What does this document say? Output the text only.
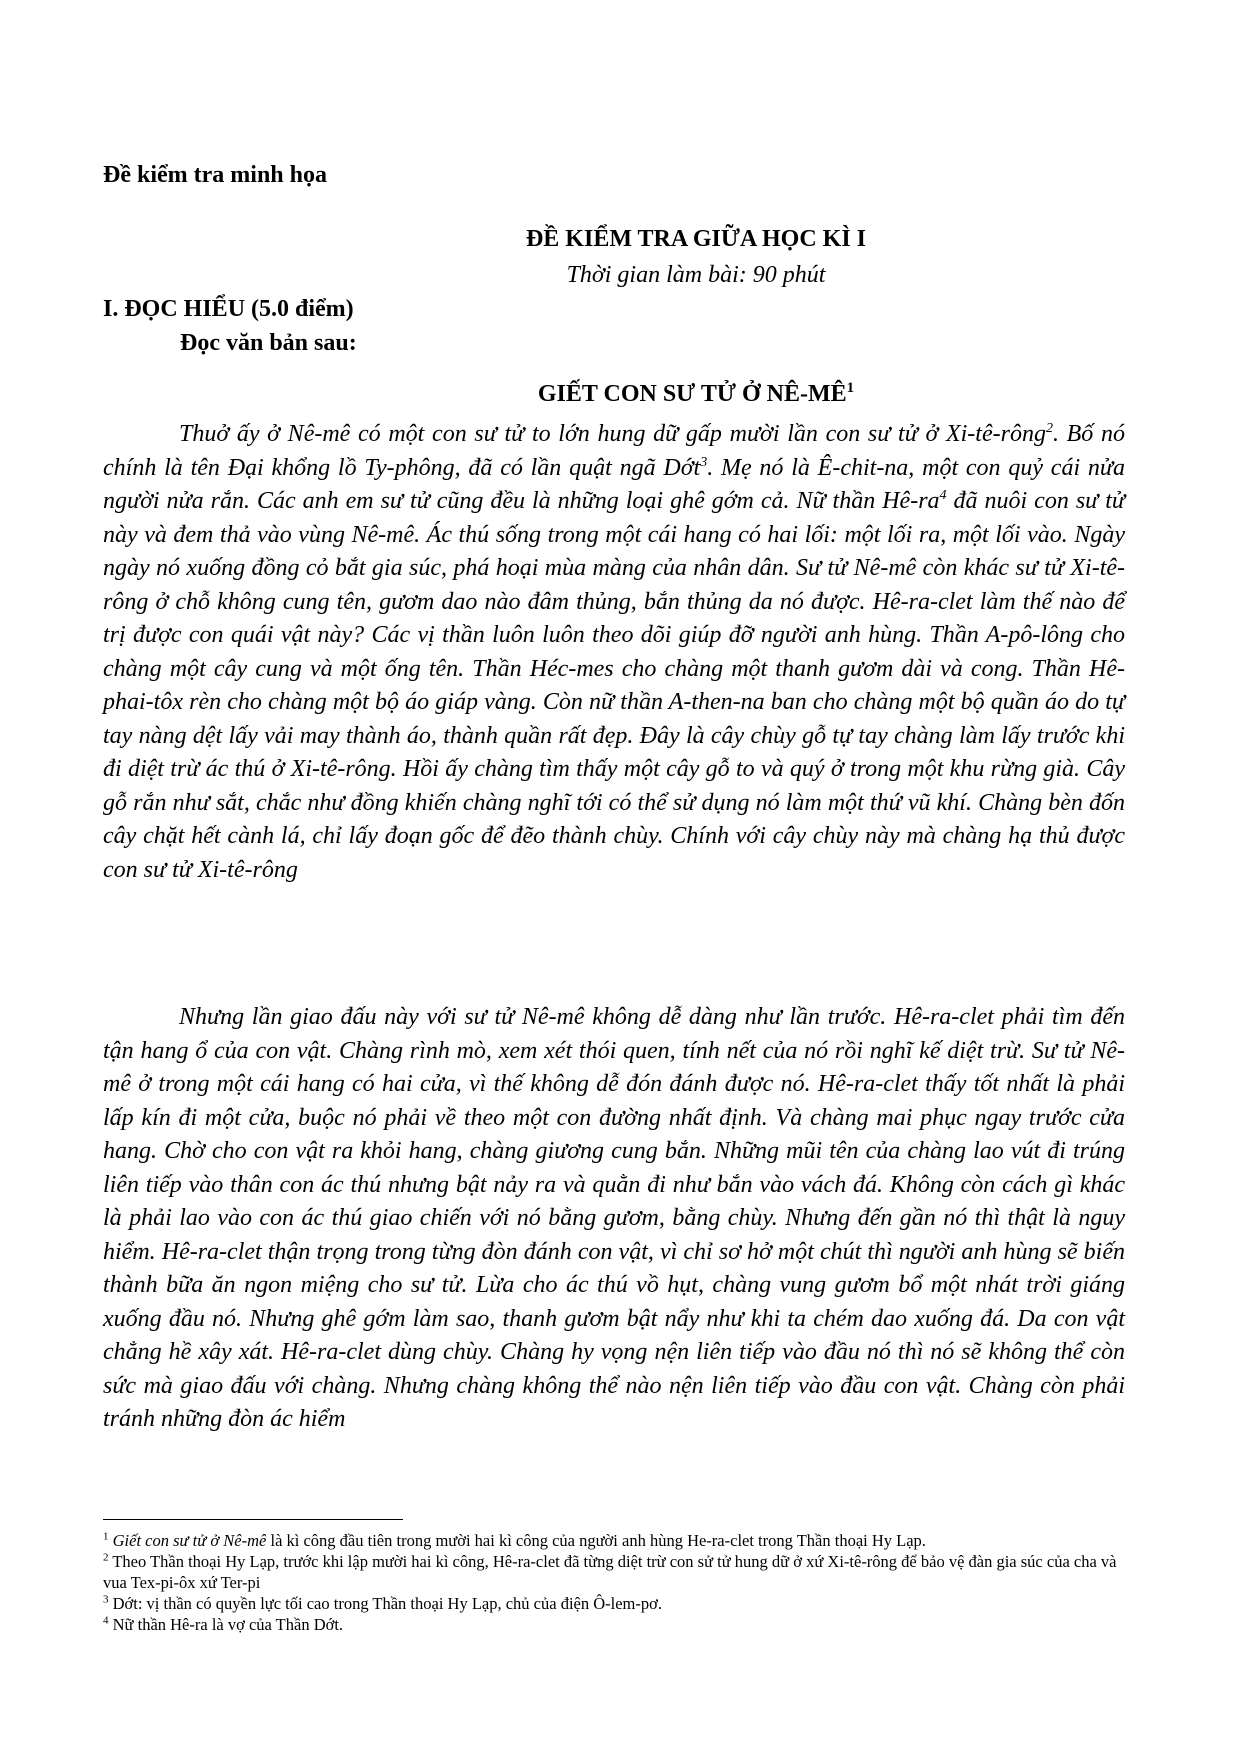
Đề kiểm tra minh họa
ĐỀ KIỂM TRA GIỮA HỌC KÌ I
Thời gian làm bài: 90 phút
I. ĐỌC HIỂU (5.0 điểm)
Đọc văn bản sau:
GIẾT CON SƯ TỬ Ở $NÊ-MÊ^1$

Thuở ấy ở Nê-mê có một con sư tử to lớn hung dữ gấp mười lần con sư tử ở Xi-tê-rông$^2$. Bố nó chính là tên Đại khổng lồ Ty-phông, đã có lần quật ngã Dớt$^3$. Mẹ nó là Ê-chit-na, một con quỷ cái nửa người nửa rắn. Các anh em sư tử cũng đều là những loại ghê gớm cả. Nữ thần $Hê-ra^4$ đã nuôi con sư tử này và đem thả vào vùng Nê-mê. Ác thú sống trong một cái hang có hai lối: một lối ra, một lối vào. Ngày ngày nó xuống đồng cỏ bắt gia súc, phá hoại mùa màng của nhân dân. Sư tử Nê-mê còn khác sư tử Xi-tê-rông ở chỗ không cung tên, gươm dao nào đâm thủng, bắn thủng da nó được. Hê-ra-clet làm thế nào để trị được con quái vật này? Các vị thần luôn luôn theo dõi giúp đỡ người anh hùng. Thần A-pô-lông cho chàng một cây cung và một ống tên. Thần Héc-mes cho chàng một thanh gươm dài và cong. Thần Hê-phai-tôx rèn cho chàng một bộ áo giáp vàng. Còn nữ thần A-then-na ban cho chàng một bộ quần áo do tự tay nàng dệt lấy vải may thành áo, thành quần rất đẹp. Đây là cây chùy gỗ tự tay chàng làm lấy trước khi đi diệt trừ ác thú ở Xi-tê-rông. Hồi ấy chàng tìm thấy một cây gỗ to và quý ở trong một khu rừng già. Cây gỗ rắn như sắt, chắc như đồng khiến chàng nghĩ tới có thể sử dụng nó làm một thứ vũ khí. Chàng bèn đốn cây chặt hết cành lá, chỉ lấy đoạn gốc để đẽo thành chùy. Chính với cây chùy này mà chàng hạ thủ được con sư tử Xi-tê-rông

Nhưng lần giao đấu này với sư tử Nê-mê không dễ dàng như lần trước. Hê-ra-clet phải tìm đến tận hang ổ của con vật. Chàng rình mò, xem xét thói quen, tính nết của nó rồi nghĩ kế diệt trừ. Sư tử Nê-mê ở trong một cái hang có hai cửa, vì thế không dễ đón đánh được nó. Hê-ra-clet thấy tốt nhất là phải lấp kín đi một cửa, buộc nó phải về theo một con đường nhất định. Và chàng mai phục ngay trước cửa hang. Chờ cho con vật ra khỏi hang, chàng giương cung bắn. Những mũi tên của chàng lao vút đi trúng liên tiếp vào thân con ác thú nhưng bật nảy ra và quằn đi như bắn vào vách đá. Không còn cách gì khác là phải lao vào con ác thú giao chiến với nó bằng gươm, bằng chùy. Nhưng đến gần nó thì thật là nguy hiểm. Hê-ra-clet thận trọng trong từng đòn đánh con vật, vì chỉ sơ hở một chút thì người anh hùng sẽ biến thành bữa ăn ngon miệng cho sư tử. Lừa cho ác thú vồ hụt, chàng vung gươm bổ một nhát trời giáng xuống đầu nó. Nhưng ghê gớm làm sao, thanh gươm bật nẩy như khi ta chém dao xuống đá. Da con vật chẳng hề xây xát. Hê-ra-clet dùng chùy. Chàng hy vọng nện liên tiếp vào đầu nó thì nó sẽ không thể còn sức mà giao đấu với chàng. Nhưng chàng không thể nào nện liên tiếp vào đầu con vật. Chàng còn phải tránh những đòn ác hiểm

$^1$ Giết con sư tử ở Nê-mê là kì công đầu tiên trong mười hai kì công của người anh hùng He-ra-clet trong Thần thoại Hy Lạp.

$^2$ Theo Thần thoại Hy Lạp, trước khi lập mười hai kì công, Hê-ra-clet đã từng diệt trừ con sử tử hung dữ ở xứ Xi-tê-rông để bảo vệ đàn gia súc của cha và vua Tex-pi-ôx xứ Ter-pi

$^3$ Dớt: vị thần có quyền lực tối cao trong Thần thoại Hy Lạp, chủ của điện Ô-lem-pơ.

$^4$ Nữ thần Hê-ra là vợ của Thần Dớt.
